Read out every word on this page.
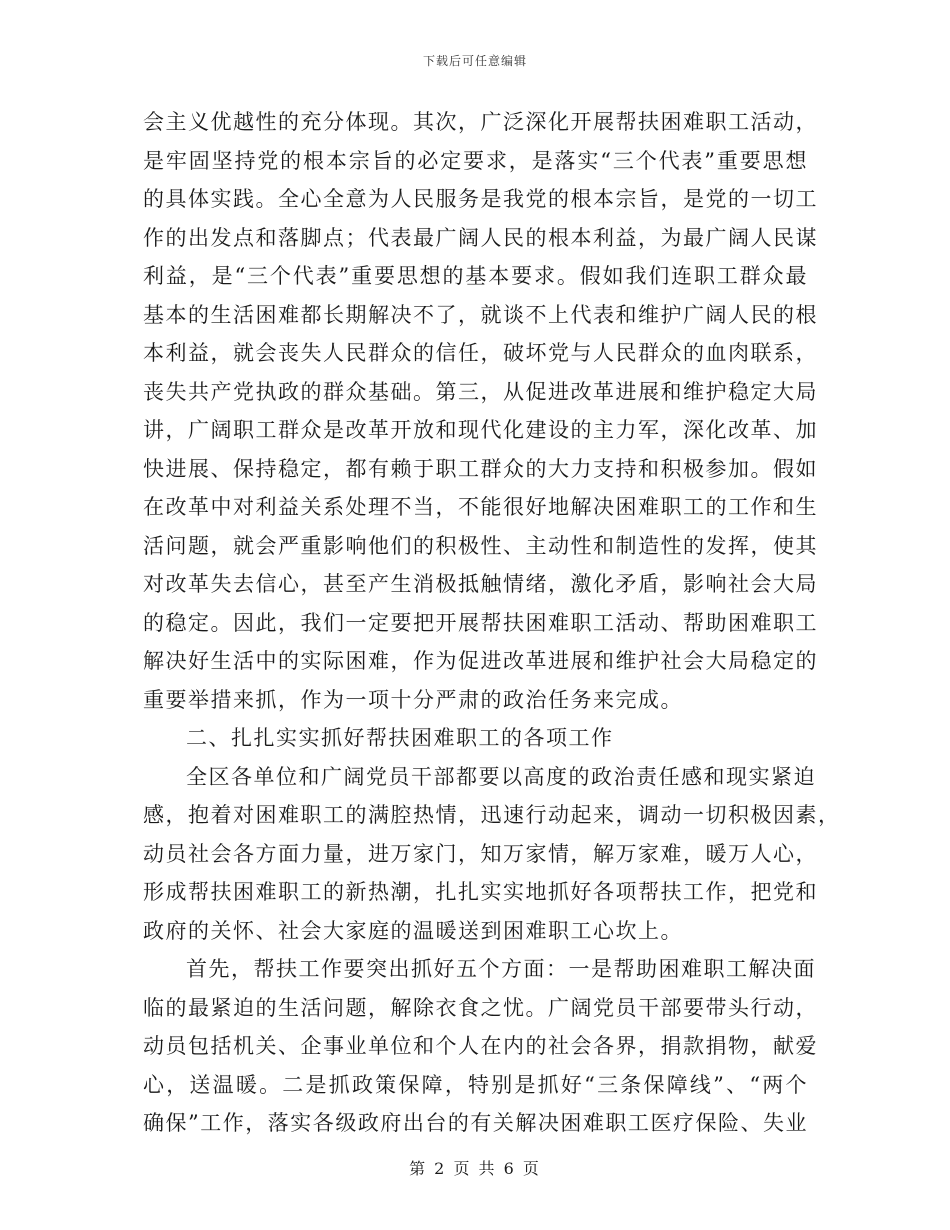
下载后可任意编辑
会主义优越性的充分体现。其次，广泛深化开展帮扶困难职工活动，
是牢固坚持党的根本宗旨的必定要求，是落实“三个代表”重要思想
的具体实践。全心全意为人民服务是我党的根本宗旨，是党的一切工
作的出发点和落脚点；代表最广阔人民的根本利益，为最广阔人民谋
利益，是“三个代表”重要思想的基本要求。假如我们连职工群众最
基本的生活困难都长期解决不了，就谈不上代表和维护广阔人民的根
本利益，就会丧失人民群众的信任，破坏党与人民群众的血肉联系，
丧失共产党执政的群众基础。第三，从促进改革进展和维护稳定大局
讲，广阔职工群众是改革开放和现代化建设的主力军，深化改革、加
快进展、保持稳定，都有赖于职工群众的大力支持和积极参加。假如
在改革中对利益关系处理不当，不能很好地解决困难职工的工作和生
活问题，就会严重影响他们的积极性、主动性和制造性的发挥，使其
对改革失去信心，甚至产生消极抵触情绪，激化矛盾，影响社会大局
的稳定。因此，我们一定要把开展帮扶困难职工活动、帮助困难职工
解决好生活中的实际困难，作为促进改革进展和维护社会大局稳定的
重要举措来抓，作为一项十分严肃的政治任务来完成。
二、扎扎实实抓好帮扶困难职工的各项工作
全区各单位和广阔党员干部都要以高度的政治责任感和现实紧迫
感，抱着对困难职工的满腔热情，迅速行动起来，调动一切积极因素，
动员社会各方面力量，进万家门，知万家情，解万家难，暖万人心，
形成帮扶困难职工的新热潮，扎扎实实地抓好各项帮扶工作，把党和
政府的关怀、社会大家庭的温暖送到困难职工心坎上。
首先，帮扶工作要突出抓好五个方面：一是帮助困难职工解决面
临的最紧迫的生活问题，解除衣食之忧。广阔党员干部要带头行动，
动员包括机关、企事业单位和个人在内的社会各界，捐款捐物，献爱
心，送温暖。二是抓政策保障，特别是抓好“三条保障线”、“两个
确保”工作，落实各级政府出台的有关解决困难职工医疗保险、失业
第 2 页 共 6 页
